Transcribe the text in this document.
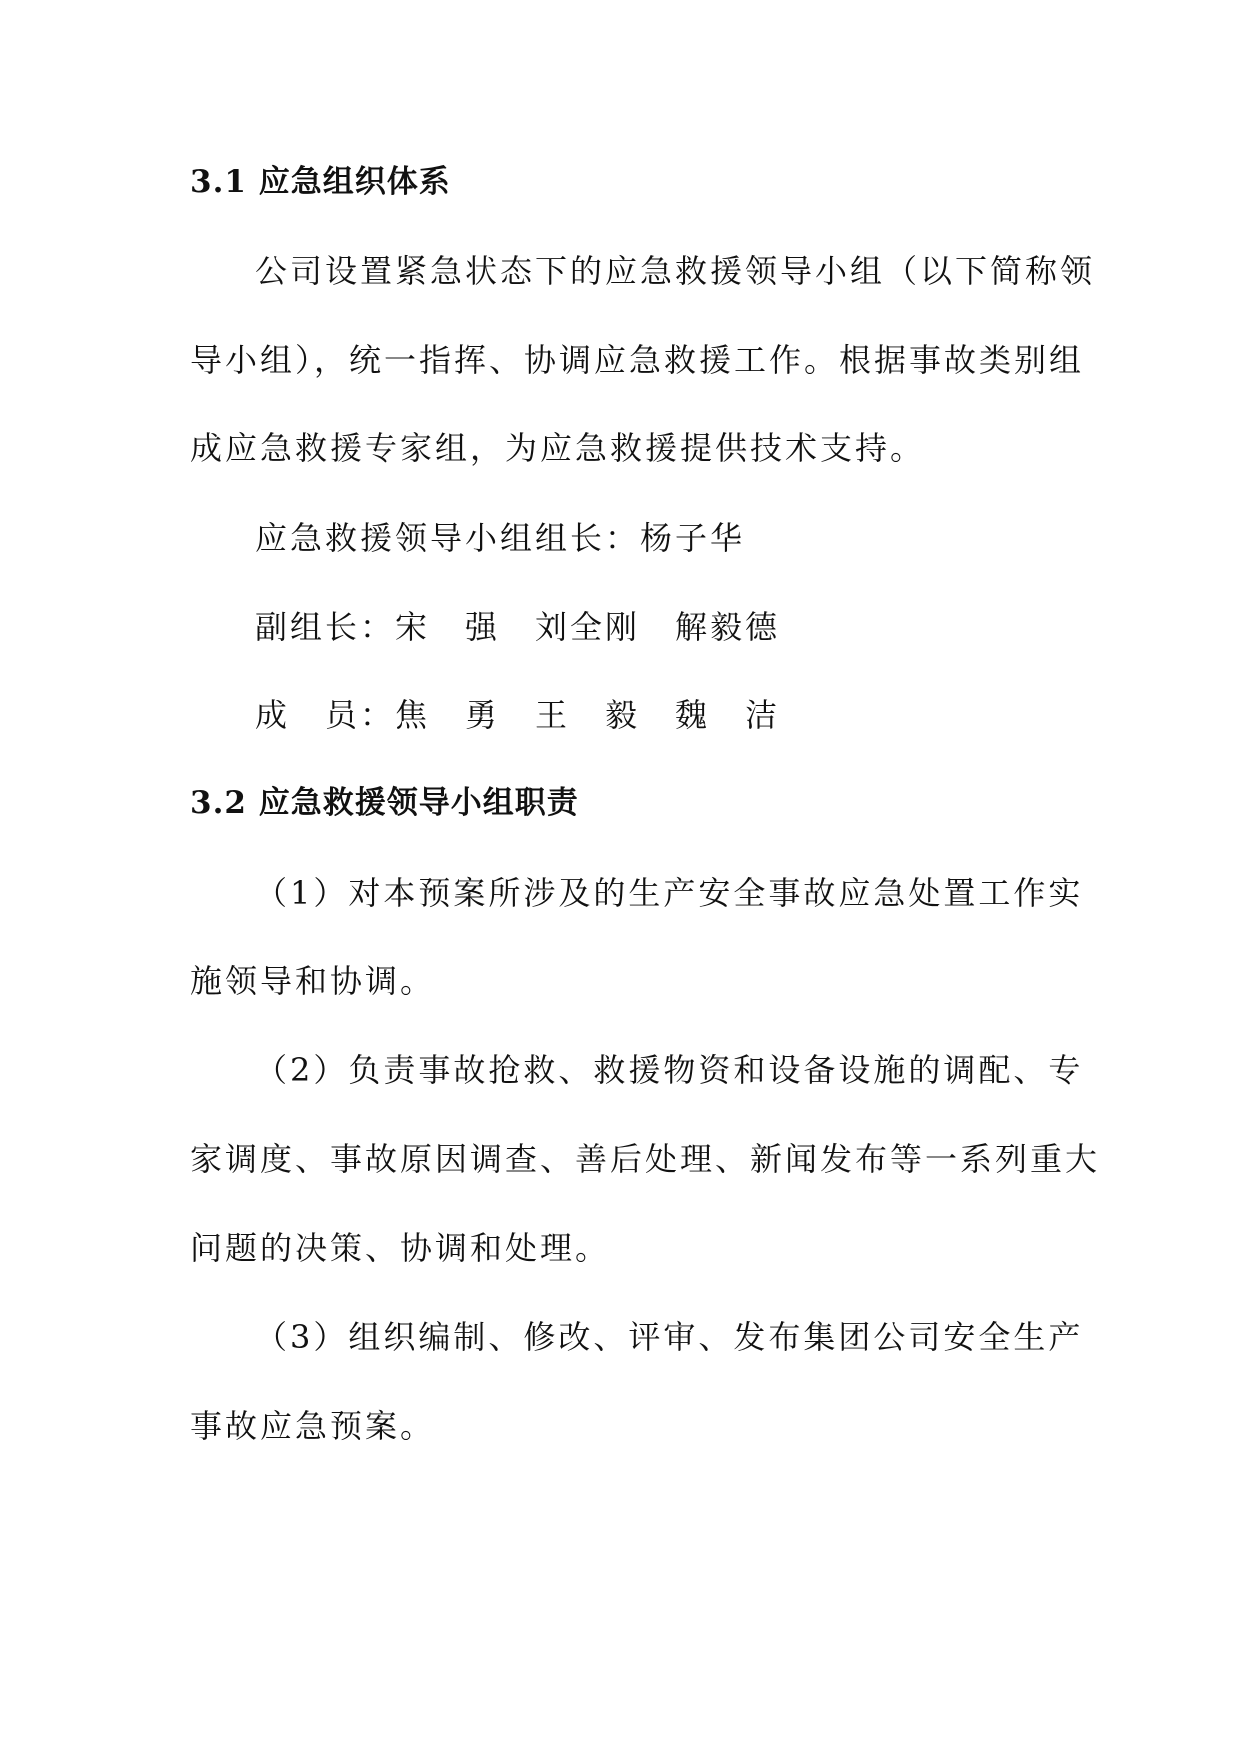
3.1 应急组织体系
公司设置紧急状态下的应急救援领导小组（以下简称领
导小组），统一指挥、协调应急救援工作。根据事故类别组
成应急救援专家组，为应急救援提供技术支持。
应急救援领导小组组长：杨子华
副组长：宋　强　刘全刚　解毅德
成　员：焦　勇　王　毅　魏　洁
3.2 应急救援领导小组职责
（1）对本预案所涉及的生产安全事故应急处置工作实
施领导和协调。
（2）负责事故抢救、救援物资和设备设施的调配、专
家调度、事故原因调查、善后处理、新闻发布等一系列重大
问题的决策、协调和处理。
（3）组织编制、修改、评审、发布集团公司安全生产
事故应急预案。
